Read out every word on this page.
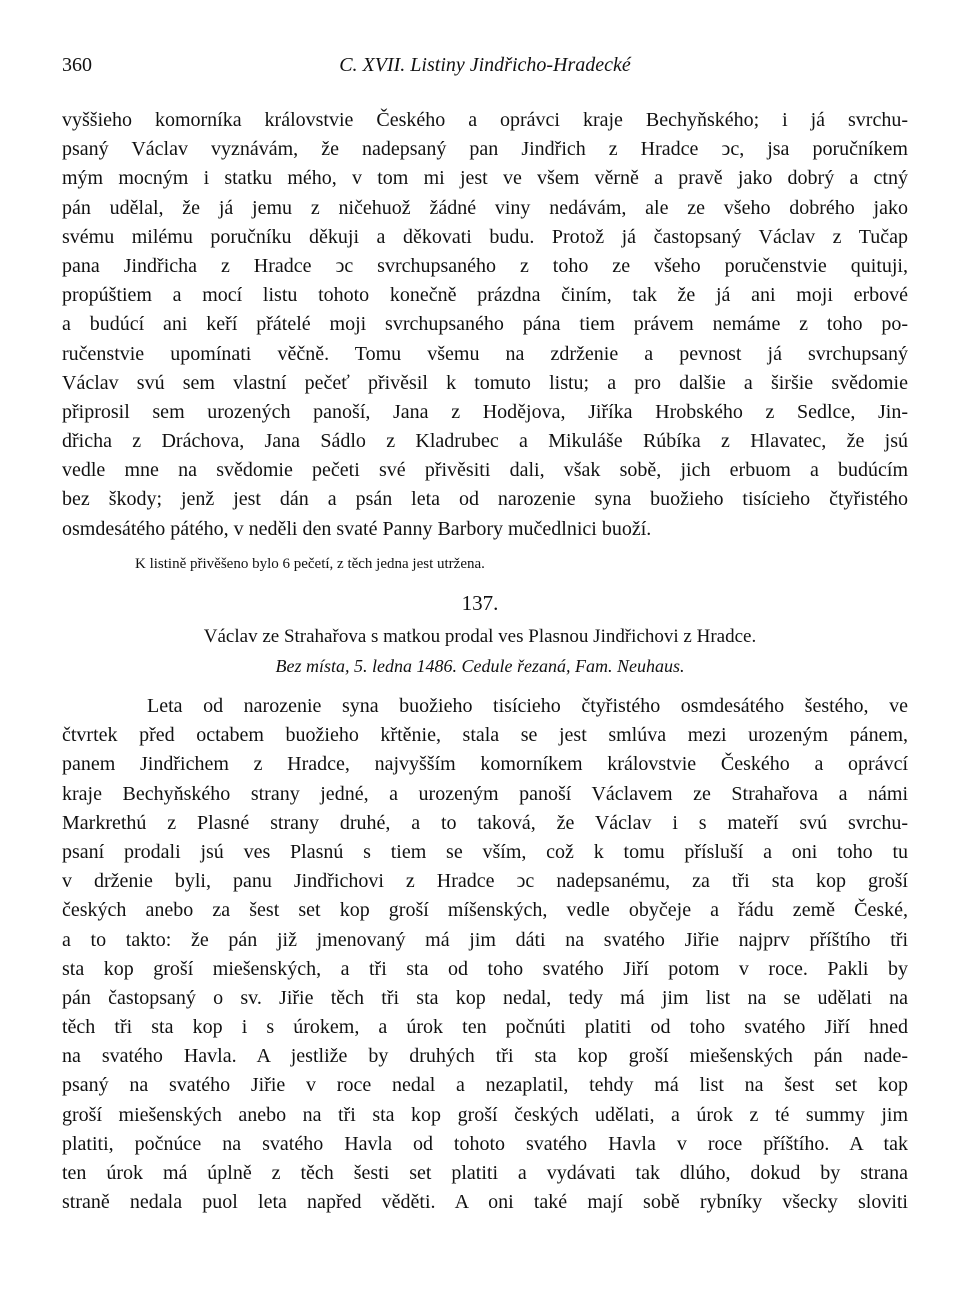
360	C. XVII. Listiny Jindřicho-Hradecké
vyššieho komorníka královstvie Českého a oprávci kraje Bechyňského; i já svrchu-
psaný Václav vyznávám, že nadepsaný pan Jindřich z Hradce ͻc, jsa poručníkem
mým mocným i statku mého, v tom mi jest ve všem věrně a pravě jako dobrý a ctný
pán udělal, že já jemu z ničehuož žádné viny nedávám, ale ze všeho dobrého jako
svému milému poručníku děkuji a děkovati budu. Protož já častopsaný Václav z Tučap
pana Jindřicha z Hradce ͻc svrchupsaného z toho ze všeho poručenstvie quituji,
propúštiem a mocí listu tohoto konečně prázdna činím, tak že já ani moji erbové
a budúcí ani keří přátelé moji svrchupsaného pána tiem právem nemáme z toho po-
ručenstvie upomínati věčně. Tomu všemu na zdrženie a pevnost já svrchupsaný
Václav svú sem vlastní pečeť přivěsil k tomuto listu; a pro dalšie a širšie svědomie
připrosil sem urozených panoší, Jana z Hodějova, Jiříka Hrobského z Sedlce, Jin-
dřicha z Dráchova, Jana Sádlo z Kladrubec a Mikuláše Rúbíka z Hlavatec, že jsú
vedle mne na svědomie pečeti své přivěsiti dali, však sobě, jich erbuom a budúcím
bez škody; jenž jest dán a psán leta od narozenie syna buožieho tisícieho čtyřistého
osmdesátého pátého, v neděli den svaté Panny Barbory mučedlnici buoží.
K listině přivěšeno bylo 6 pečetí, z těch jedna jest utržena.
137.
Václav ze Strahařova s matkou prodal ves Plasnou Jindřichovi z Hradce.
Bez místa, 5. ledna 1486. Cedule řezaná, Fam. Neuhaus.
Leta od narozenie syna buožieho tisícieho čtyřistého osmdesátého šestého, ve
čtvrtek před octabem buožieho křtěnie, stala se jest smlúva mezi urozeným pánem,
panem Jindřichem z Hradce, najvyšším komorníkem královstvie Českého a oprávcí
kraje Bechyňského strany jedné, a urozeným panoší Václavem ze Strahařova a námi
Markrethú z Plasné strany druhé, a to taková, že Václav i s mateří svú svrchu-
psaní prodali jsú ves Plasnú s tiem se vším, což k tomu přísluší a oni toho tu
v drženie byli, panu Jindřichovi z Hradce ͻc nadepsanému, za tři sta kop groší
českých anebo za šest set kop groší míšenských, vedle obyčeje a řádu země České,
a to takto: že pán již jmenovaný má jim dáti na svatého Jiřie najprv příštího tři
sta kop groší miešenských, a tři sta od toho svatého Jiří potom v roce. Pakli by
pán častopsaný o sv. Jiřie těch tři sta kop nedal, tedy má jim list na se udělati na
těch tři sta kop i s úrokem, a úrok ten počnúti platiti od toho svatého Jiří hned
na svatého Havla. A jestliže by druhých tři sta kop groší miešenských pán nade-
psaný na svatého Jiřie v roce nedal a nezaplatil, tehdy má list na šest set kop
groší miešenských anebo na tři sta kop groší českých udělati, a úrok z té summy jim
platiti, počnúce na svatého Havla od tohoto svatého Havla v roce příštího. A tak
ten úrok má úplně z těch šesti set platiti a vydávati tak dlúho, dokud by strana
straně nedala puol leta napřed věděti. A oni také mají sobě rybníky všecky sloviti
